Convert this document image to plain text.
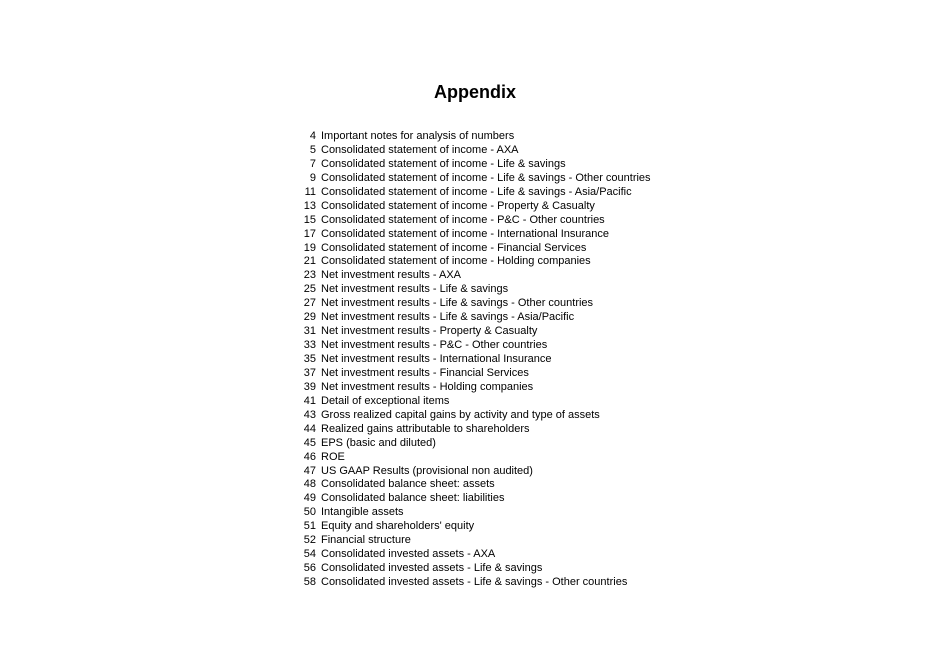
Appendix
4 Important notes for analysis of numbers
5 Consolidated statement of income - AXA
7 Consolidated statement of income - Life & savings
9 Consolidated statement of income - Life & savings - Other countries
11 Consolidated statement of income - Life & savings - Asia/Pacific
13 Consolidated statement of income - Property & Casualty
15 Consolidated statement of income - P&C - Other countries
17 Consolidated statement of income - International Insurance
19 Consolidated statement of income - Financial Services
21 Consolidated statement of income - Holding companies
23 Net investment results - AXA
25 Net investment results - Life & savings
27 Net investment results - Life & savings - Other countries
29 Net investment results - Life & savings - Asia/Pacific
31 Net investment results - Property & Casualty
33 Net investment results - P&C - Other countries
35 Net investment results - International Insurance
37 Net investment results - Financial Services
39 Net investment results - Holding companies
41 Detail of exceptional items
43 Gross realized capital gains by activity and type of assets
44 Realized gains attributable to shareholders
45 EPS (basic and diluted)
46 ROE
47 US GAAP Results (provisional non audited)
48 Consolidated balance sheet: assets
49 Consolidated balance sheet: liabilities
50 Intangible assets
51 Equity and shareholders' equity
52 Financial structure
54 Consolidated invested assets - AXA
56 Consolidated invested assets - Life & savings
58 Consolidated invested assets - Life & savings - Other countries
